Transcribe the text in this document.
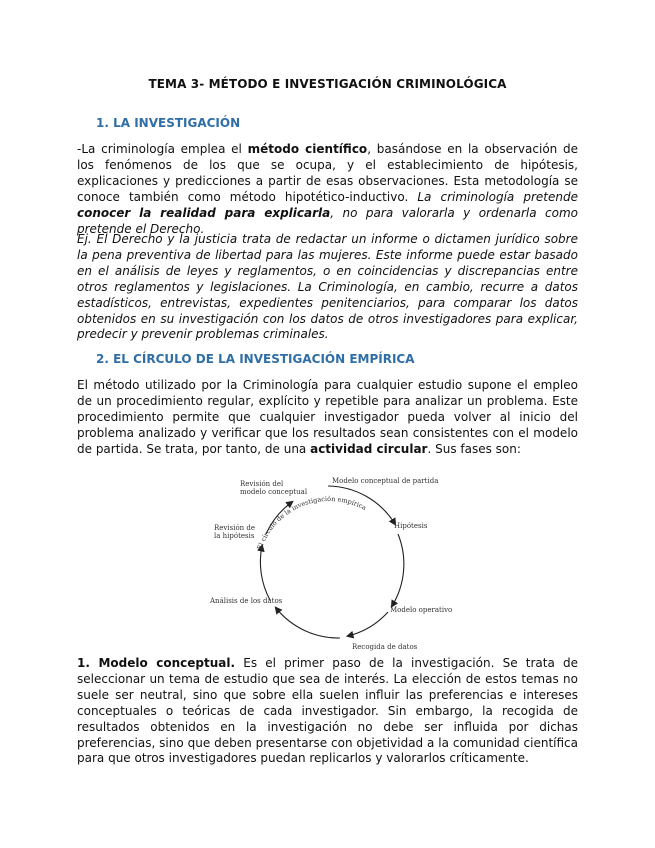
TEMA 3- MÉTODO E INVESTIGACIÓN CRIMINOLÓGICA
1. LA INVESTIGACIÓN

-La criminología emplea el método científico, basándose en la observación de los fenómenos de los que se ocupa, y el establecimiento de hipótesis, explicaciones y predicciones a partir de esas observaciones. Esta metodología se conoce también como método hipotético-inductivo. La criminología pretende conocer la realidad para explicarla, no para valorarla y ordenarla como pretende el Derecho.

Ej. El Derecho y la justicia trata de redactar un informe o dictamen jurídico sobre la pena preventiva de libertad para las mujeres. Este informe puede estar basado en el análisis de leyes y reglamentos, o en coincidencias y discrepancias entre otros reglamentos y legislaciones. La Criminología, en cambio, recurre a datos estadísticos, entrevistas, expedientes penitenciarios, para comparar los datos obtenidos en su investigación con los datos de otros investigadores para explicar, predecir y prevenir problemas criminales.

2. EL CÍRCULO DE LA INVESTIGACIÓN EMPÍRICA

El método utilizado por la Criminología para cualquier estudio supone el empleo de un procedimiento regular, explícito y repetible para analizar un problema. Este procedimiento permite que cualquier investigador pueda volver al inicio del problema analizado y verificar que los resultados sean consistentes con el modelo de partida. Se trata, por tanto, de una actividad circular. Sus fases son:

El círculo de la investigación empírica
Modelo conceptual de partida
Hipótesis
Modelo operativo
Recogida de datos
Análisis de los datos
Revisión de
la hipótesis
Revisión del
modelo conceptual

1. Modelo conceptual. Es el primer paso de la investigación. Se trata de seleccionar un tema de estudio que sea de interés. La elección de estos temas no suele ser neutral, sino que sobre ella suelen influir las preferencias e intereses conceptuales o teóricas de cada investigador. Sin embargo, la recogida de resultados obtenidos en la investigación no debe ser influida por dichas preferencias, sino que deben presentarse con objetividad a la comunidad científica para que otros investigadores puedan replicarlos y valorarlos críticamente.
